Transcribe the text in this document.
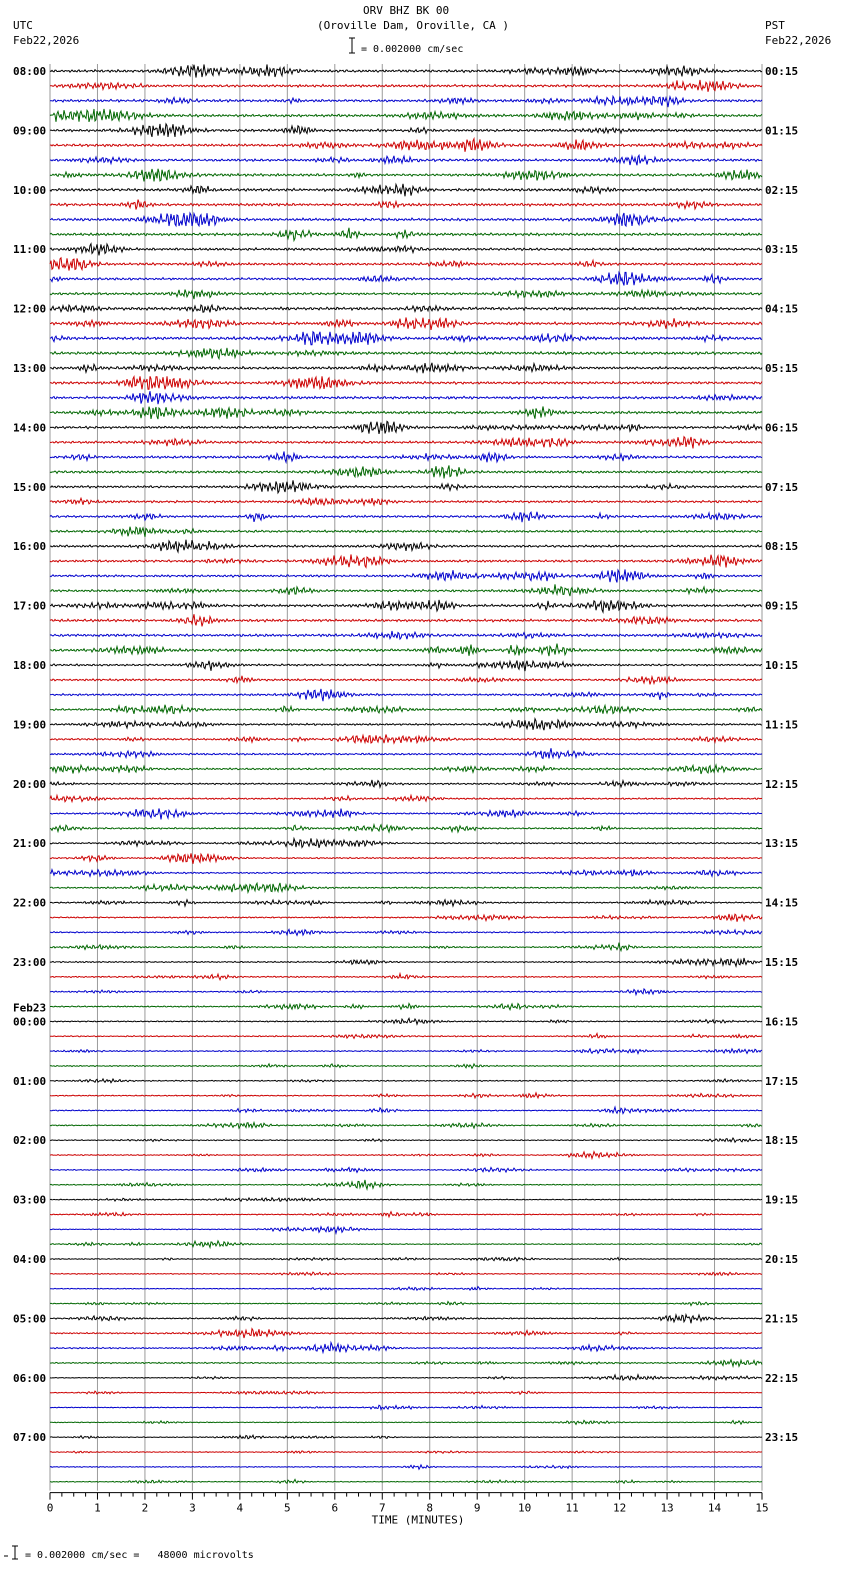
ORV BHZ BK 00
(Oroville Dam, Oroville, CA )
= 0.002000 cm/sec
UTC
Feb22,2026
PST
Feb22,2026
= 0.002000 cm/sec =   48000 microvolts
0	1	2	3	4	5	6	7	8	9	10	11	12	13	14	15
TIME (MINUTES)
08:00	00:15
09:00	01:15
10:00	02:15
11:00	03:15
12:00	04:15
13:00	05:15
14:00	06:15
15:00	07:15
16:00	08:15
17:00	09:15
18:00	10:15
19:00	11:15
20:00	12:15
21:00	13:15
22:00	14:15
23:00	15:15
00:00	16:15
01:00	17:15
02:00	18:15
03:00	19:15
04:00	20:15
05:00	21:15
06:00	22:15
07:00	23:15
Feb23
